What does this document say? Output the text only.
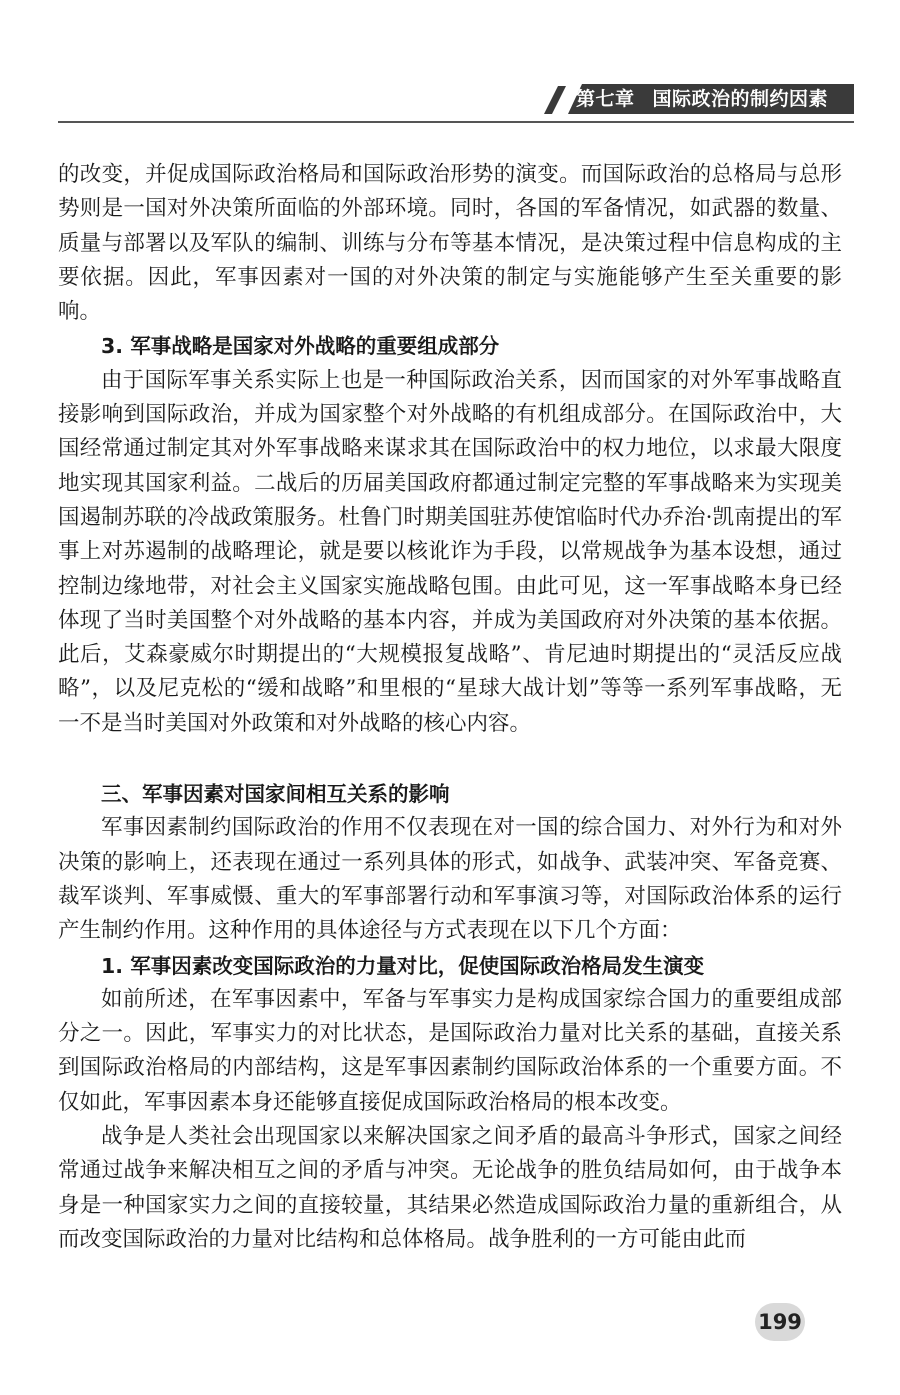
第七章 国际政治的制约因素

的改变，并促成国际政治格局和国际政治形势的演变。而国际政治的总格局与总形势则是一国对外决策所面临的外部环境。同时，各国的军备情况，如武器的数量、质量与部署以及军队的编制、训练与分布等基本情况，是决策过程中信息构成的主要依据。因此，军事因素对一国的对外决策的制定与实施能够产生至关重要的影响。

3. 军事战略是国家对外战略的重要组成部分

由于国际军事关系实际上也是一种国际政治关系，因而国家的对外军事战略直接影响到国际政治，并成为国家整个对外战略的有机组成部分。在国际政治中，大国经常通过制定其对外军事战略来谋求其在国际政治中的权力地位，以求最大限度地实现其国家利益。二战后的历届美国政府都通过制定完整的军事战略来为实现美国遏制苏联的冷战政策服务。杜鲁门时期美国驻苏使馆临时代办乔治·凯南提出的军事上对苏遏制的战略理论，就是要以核讹诈为手段，以常规战争为基本设想，通过控制边缘地带，对社会主义国家实施战略包围。由此可见，这一军事战略本身已经体现了当时美国整个对外战略的基本内容，并成为美国政府对外决策的基本依据。此后，艾森豪威尔时期提出的“大规模报复战略”、肯尼迪时期提出的“灵活反应战略”，以及尼克松的“缓和战略”和里根的“星球大战计划”等等一系列军事战略，无一不是当时美国对外政策和对外战略的核心内容。

三、军事因素对国家间相互关系的影响

军事因素制约国际政治的作用不仅表现在对一国的综合国力、对外行为和对外决策的影响上，还表现在通过一系列具体的形式，如战争、武装冲突、军备竞赛、裁军谈判、军事威慑、重大的军事部署行动和军事演习等，对国际政治体系的运行产生制约作用。这种作用的具体途径与方式表现在以下几个方面：

1. 军事因素改变国际政治的力量对比，促使国际政治格局发生演变

如前所述，在军事因素中，军备与军事实力是构成国家综合国力的重要组成部分之一。因此，军事实力的对比状态，是国际政治力量对比关系的基础，直接关系到国际政治格局的内部结构，这是军事因素制约国际政治体系的一个重要方面。不仅如此，军事因素本身还能够直接促成国际政治格局的根本改变。

战争是人类社会出现国家以来解决国家之间矛盾的最高斗争形式，国家之间经常通过战争来解决相互之间的矛盾与冲突。无论战争的胜负结局如何，由于战争本身是一种国家实力之间的直接较量，其结果必然造成国际政治力量的重新组合，从而改变国际政治的力量对比结构和总体格局。战争胜利的一方可能由此而

199
